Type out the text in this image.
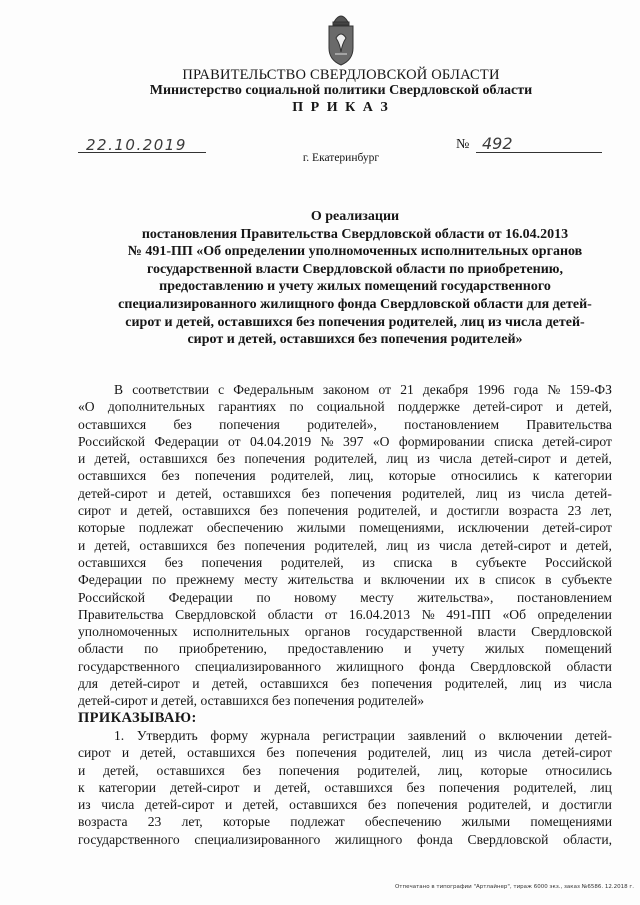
ПРАВИТЕЛЬСТВО СВЕРДЛОВСКОЙ ОБЛАСТИ
Министерство социальной политики Свердловской области
П Р И К А З
22.10.2019	№ 492
г. Екатеринбург
О реализации
постановления Правительства Свердловской области от 16.04.2013
№ 491-ПП «Об определении уполномоченных исполнительных органов
государственной власти Свердловской области по приобретению,
предоставлению и учету жилых помещений государственного
специализированного жилищного фонда Свердловской области для детей-
сирот и детей, оставшихся без попечения родителей, лиц из числа детей-
сирот и детей, оставшихся без попечения родителей»
В соответствии с Федеральным законом от 21 декабря 1996 года № 159-ФЗ
«О дополнительных гарантиях по социальной поддержке детей-сирот и детей,
оставшихся без попечения родителей», постановлением Правительства
Российской Федерации от 04.04.2019 № 397 «О формировании списка детей-сирот
и детей, оставшихся без попечения родителей, лиц из числа детей-сирот и детей,
оставшихся без попечения родителей, лиц, которые относились к категории
детей-сирот и детей, оставшихся без попечения родителей, лиц из числа детей-
сирот и детей, оставшихся без попечения родителей, и достигли возраста 23 лет,
которые подлежат обеспечению жилыми помещениями, исключении детей-сирот
и детей, оставшихся без попечения родителей, лиц из числа детей-сирот и детей,
оставшихся без попечения родителей, из списка в субъекте Российской
Федерации по прежнему месту жительства и включении их в список в субъекте
Российской Федерации по новому месту жительства», постановлением
Правительства Свердловской области от 16.04.2013 № 491-ПП «Об определении
уполномоченных исполнительных органов государственной власти Свердловской
области по приобретению, предоставлению и учету жилых помещений
государственного специализированного жилищного фонда Свердловской области
для детей-сирот и детей, оставшихся без попечения родителей, лиц из числа
детей-сирот и детей, оставшихся без попечения родителей»
ПРИКАЗЫВАЮ:
1. Утвердить форму журнала регистрации заявлений о включении детей-
сирот и детей, оставшихся без попечения родителей, лиц из числа детей-сирот
и детей, оставшихся без попечения родителей, лиц, которые относились
к категории детей-сирот и детей, оставшихся без попечения родителей, лиц
из числа детей-сирот и детей, оставшихся без попечения родителей, и достигли
возраста 23 лет, которые подлежат обеспечению жилыми помещениями
государственного специализированного жилищного фонда Свердловской области,
Отпечатано в типографии "Артлайнер", тираж 6000 экз., заказ №6586. 12.2018 г.
